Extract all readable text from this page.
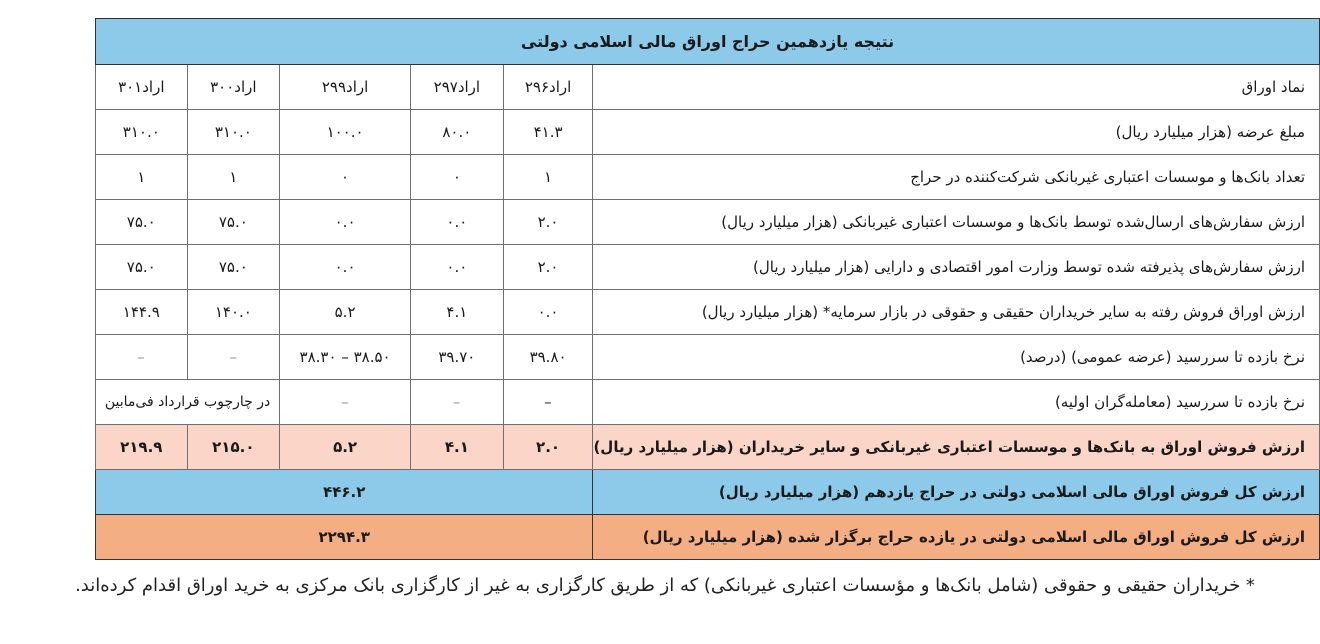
نتیجه یازدهمین حراج اوراق مالی اسلامی دولتی					
نماد اوراق	اراد۲۹۶	اراد۲۹۷	اراد۲۹۹	اراد۳۰۰	اراد۳۰۱
مبلغ عرضه (هزار میلیارد ریال)	۴۱.۳	۸۰.۰	۱۰۰.۰	۳۱۰.۰	۳۱۰.۰
تعداد بانک‌ها و موسسات اعتباری غیربانکی شرکت‌کننده در حراج	۱	۰	۰	۱	۱
ارزش سفارش‌های ارسال‌شده توسط بانک‌ها و موسسات اعتباری غیربانکی (هزار میلیارد ریال)	۲.۰	۰.۰	۰.۰	۷۵.۰	۷۵.۰
ارزش سفارش‌های پذیرفته شده توسط وزارت امور اقتصادی و دارایی (هزار میلیارد ریال)	۲.۰	۰.۰	۰.۰	۷۵.۰	۷۵.۰
ارزش اوراق فروش رفته به سایر خریداران حقیقی و حقوقی در بازار سرمایه* (هزار میلیارد ریال)	۰.۰	۴.۱	۵.۲	۱۴۰.۰	۱۴۴.۹
نرخ بازده تا سررسید (عرضه عمومی) (درصد)	۳۹.۸۰	۳۹.۷۰	۳۸.۵۰ – ۳۸.۳۰	–	–
نرخ بازده تا سررسید (معامله‌گران اولیه)	–	–	–	در چارچوب قرارداد فی‌مابین	
ارزش فروش اوراق به بانک‌ها و موسسات اعتباری غیربانکی و سایر خریداران (هزار میلیارد ریال)	۲.۰	۴.۱	۵.۲	۲۱۵.۰	۲۱۹.۹
ارزش کل فروش اوراق مالی اسلامی دولتی در حراج یازدهم (هزار میلیارد ریال)	۴۴۶.۲				
ارزش کل فروش اوراق مالی اسلامی دولتی در یازده حراج برگزار شده (هزار میلیارد ریال)	۲۲۹۴.۳				
* خریداران حقیقی و حقوقی (شامل بانک‌ها و مؤسسات اعتباری غیربانکی) که از طریق کارگزاری به غیر از کارگزاری بانک مرکزی به خرید اوراق اقدام کرده‌اند.
